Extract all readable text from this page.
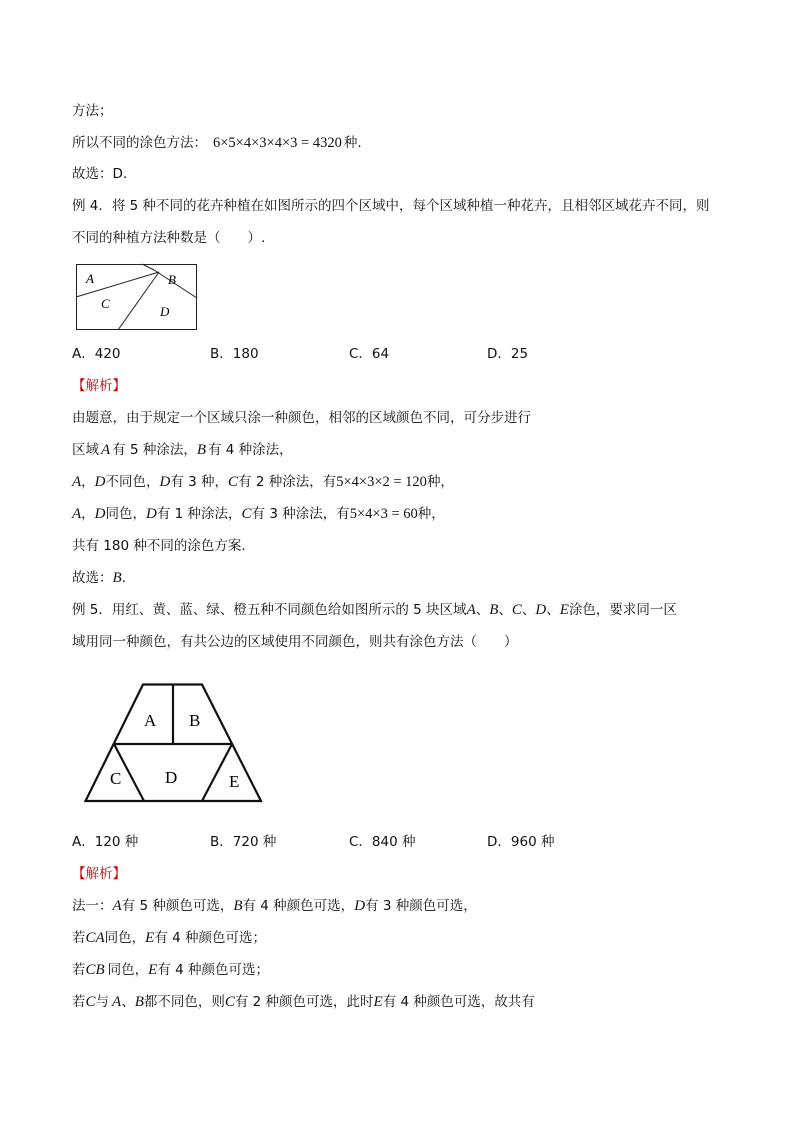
方法；
所以不同的涂色方法： 6×5×4×3×4×3 = 4320 种.
故选：D.
例 4．将 5 种不同的花卉种植在如图所示的四个区域中，每个区域种植一种花卉，且相邻区域花卉不同，则
不同的种植方法种数是（　　）.
A	B
C
D
A．420	B．180	C．64	D．25
【解析】
由题意，由于规定一个区域只涂一种颜色，相邻的区域颜色不同，可分步进行
区域 A 有 5 种涂法，B 有 4 种涂法，
A，D不同色，D有 3 种，C有 2 种涂法，有5×4×3×2 = 120种，
A，D同色，D有 1 种涂法，C有 3 种涂法，有5×4×3 = 60种，
共有 180 种不同的涂色方案.
故选：B.
例 5．用红、黄、蓝、绿、橙五种不同颜色给如图所示的 5 块区域A、B、C、D、E涂色，要求同一区
域用同一种颜色，有共公边的区域使用不同颜色，则共有涂色方法（　　）
A B
C	D	E
A．120 种	B．720 种	C．840 种	D．960 种
【解析】
法一：A有 5 种颜色可选，B有 4 种颜色可选，D有 3 种颜色可选，
若CA同色，E有 4 种颜色可选；
若CB 同色，E有 4 种颜色可选；
若C与 A、B都不同色，则C有 2 种颜色可选，此时E有 4 种颜色可选，故共有
